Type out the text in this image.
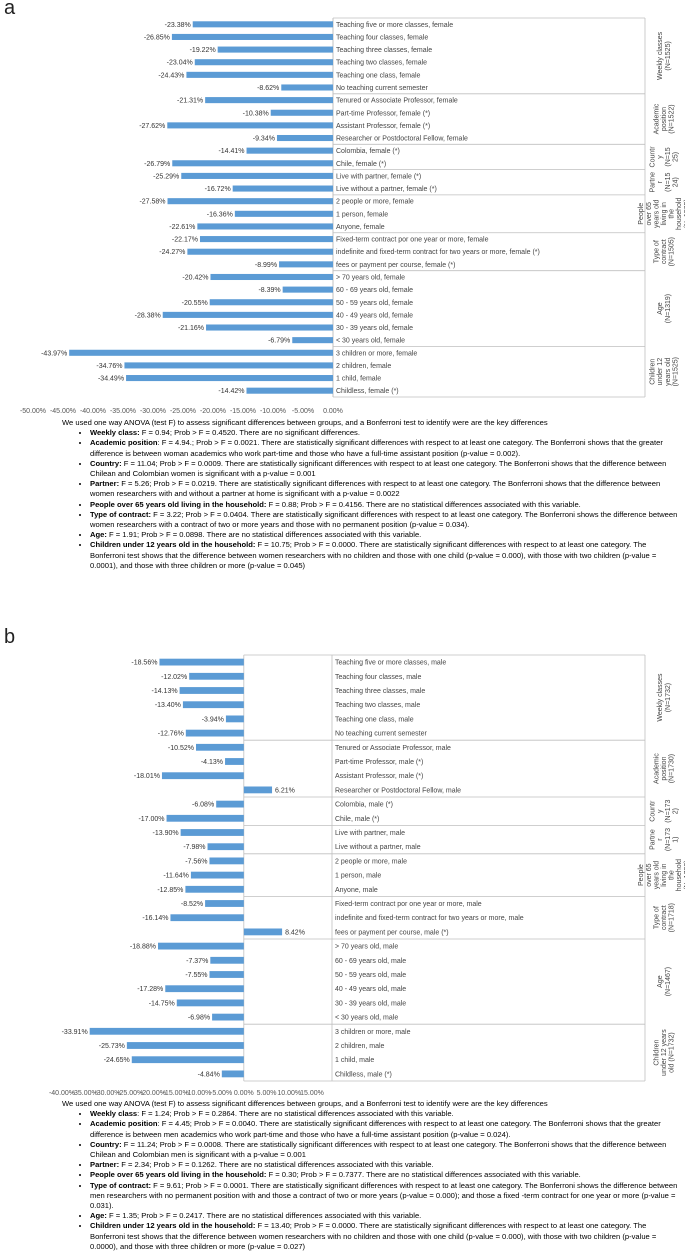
a
-23.38%	Teaching five or more classes, female
-26.85%	Teaching four classes, female
-19.22%	Teaching three classes, female
-23.04%	Teaching two classes, female
-24.43%	Teaching one class, female
-8.62%	No teaching current semester
Weekly classes(N=1525)
-21.31%	Tenured or Associate Professor, female
-10.38%	Part-time Professor, female (*)
-27.62%	Assistant Professor, female (*)
-9.34%	Researcher or Postdoctoral Fellow, female
Academicposition(N=1522)
-14.41%	Colombia, female (*)
-26.79%	Chile, female (*)	Country(N=1525)
-25.29%	Live with partner, female (*)
-16.72%	Live without a partner, female (*)	Partner(N=1524)
-27.58%	2 people or more, female
-16.36%	1 person, female
-22.61%	Anyone, female
Peopleover 65years oldliving inthehousehold
-22.17%	Fixed-term contract por one year or more, female
-24.27%	indefinite and fixed-term contract for two years or more, female (*)
-8.99%	fees or payment per course, female (*)
Type ofcontract(N=1505)
-20.42%	> 70 years old, female
-8.39%	60 - 69 years old, female
-20.55%	50 - 59 years old, female
-28.38%	40 - 49 years old, female
-21.16%	30 - 39 years old, female
-6.79%	< 30 years old, female
Age(N=1319)
-43.97%	3 children or more, female
-34.76%	2 children, female
-34.49%	1 child, female
-14.42%	Childless, female (*)
Childrenunder 12years old(N=1525)
-50.00% -45.00% -40.00% -35.00% -30.00% -25.00% -20.00% -15.00% -10.00% -5.00% 0.00%
We used one way ANOVA (test F) to assess significant differences between groups, and a Bonferroni test to identify were are the key differences
• Weekly class: F = 0.94; Prob > F = 0.4520. There are no significant differences.
• Academic position: F = 4.94.; Prob > F = 0.0021. There are statistically significant differences with respect to at least one category. The Bonferroni shows that the greater difference is between woman academics who work part-time and those who have a full-time assistant position (p-value = 0.002).
• Country: F = 11.04; Prob > F = 0.0009. There are statistically significant differences with respect to at least one category. The Bonferroni shows that the difference between Chilean and Colombian women is significant with a p-value = 0.001
• Partner: F = 5.26; Prob > F = 0.0219. There are statistically significant differences with respect to at least one category. The Bonferroni shows that the difference between women researchers with and without a partner at home is significant with a p-value = 0.0022
• People over 65 years old living in the household: F = 0.88; Prob > F = 0.4156. There are no statistical differences associated with this variable.
• Type of contract: F = 3.22; Prob > F = 0.0404. There are statistically significant differences with respect to at least one category. The Bonferroni shows the difference between women researchers with a contract of two or more years and those with no permanent position (p-value = 0.034).
• Age: F = 1.91; Prob > F = 0.0898. There are no statistical differences associated with this variable.
• Children under 12 years old in the household: F = 10.75; Prob > F = 0.0000. There are statistically significant differences with respect to at least one category. The Bonferroni test shows that the difference between women researchers with no children and those with one child (p-value = 0.000), with those with two children (p-value = 0.0001), and those with three children or more (p-value = 0.045)
b
-18.56%	Teaching five or more classes, male
-12.02%	Teaching four classes, male
-14.13%	Teaching three classes, male
-13.40%	Teaching two classes, male
-3.94%	Teaching one class, male
-12.76%	No teaching current semester
Weekly classes(N=1732)
-10.52%	Tenured or Associate Professor, male
-4.13%	Part-time Professor, male (*)
-18.01%	Assistant Professor, male (*)
6.21%	Researcher or Postdoctoral Fellow, male
Academicposition(N=1730)
-6.08%	Colombia, male (*)
-17.00%	Chile, male (*)	Country(N=1732)
-13.90%	Live with partner, male
-7.98%	Live without a partner, male	Partner(N=1731)
-7.56%	2 people or more, male
-11.64%	1 person, male
-12.85%	Anyone, male
Peopleover 65years oldliving inthehousehold
-8.52%	Fixed-term contract por one year or more, male
-16.14%	indefinite and fixed-term contract for two years or more, male
8.42%	fees or payment per course, male (*)
Type ofcontract(N=1718)
-18.88%	> 70 years old, male
-7.37%	60 - 69 years old, male
-7.55%	50 - 59 years old, male
-17.28%	40 - 49 years old, male
-14.75%	30 - 39 years old, male
-6.98%	< 30 years old, male
Age(N=1467)
-33.91%	3 children or more, male
-25.73%	2 children, male
-24.65%	1 child, male
-4.84%	Childless, male (*)
Childrenunder 12 yearsold (N=1732)
-40.00%
-35.00%
-30.00%
-25.00%
-20.00%
-15.00%
-10.00%
-5.00% 0.00% 5.00% 10.00%
15.00%
We used one way ANOVA (test F) to assess significant differences between groups, and a Bonferroni test to identify were are the key differences
• Weekly class: F = 1.24; Prob > F = 0.2864. There are no statistical differences associated with this variable.
• Academic position: F = 4.45; Prob > F = 0.0040. There are statistically significant differences with respect to at least one category. The Bonferroni shows that the greater difference is between men academics who work part-time and those who have a full-time assistant position (p-value = 0.024).
• Country: F = 11.24; Prob > F = 0.0008. There are statistically significant differences with respect to at least one category. The Bonferroni shows that the difference between Chilean and Colombian men is significant with a p-value = 0.001
• Partner: F = 2.34; Prob > F = 0.1262. There are no statistical differences associated with this variable.
• People over 65 years old living in the household: F = 0.30; Prob > F = 0.7377. There are no statistical differences associated with this variable.
• Type of contract: F = 9.61; Prob > F = 0.0001. There are statistically significant differences with respect to at least one category. The Bonferroni shows the difference between men researchers with no permanent position with and those a contract of two or more years (p-value = 0.000); and those a fixed -term contract for one year or more (p-value = 0.031).
• Age: F = 1.35; Prob > F = 0.2417. There are no statistical differences associated with this variable.
• Children under 12 years old in the household: F = 13.40; Prob > F = 0.0000. There are statistically significant differences with respect to at least one category. The Bonferroni test shows that the difference between women researchers with no children and those with one child (p-value = 0.000), with those with two children (p-value = 0.0000), and those with three children or more (p-value = 0.027)
